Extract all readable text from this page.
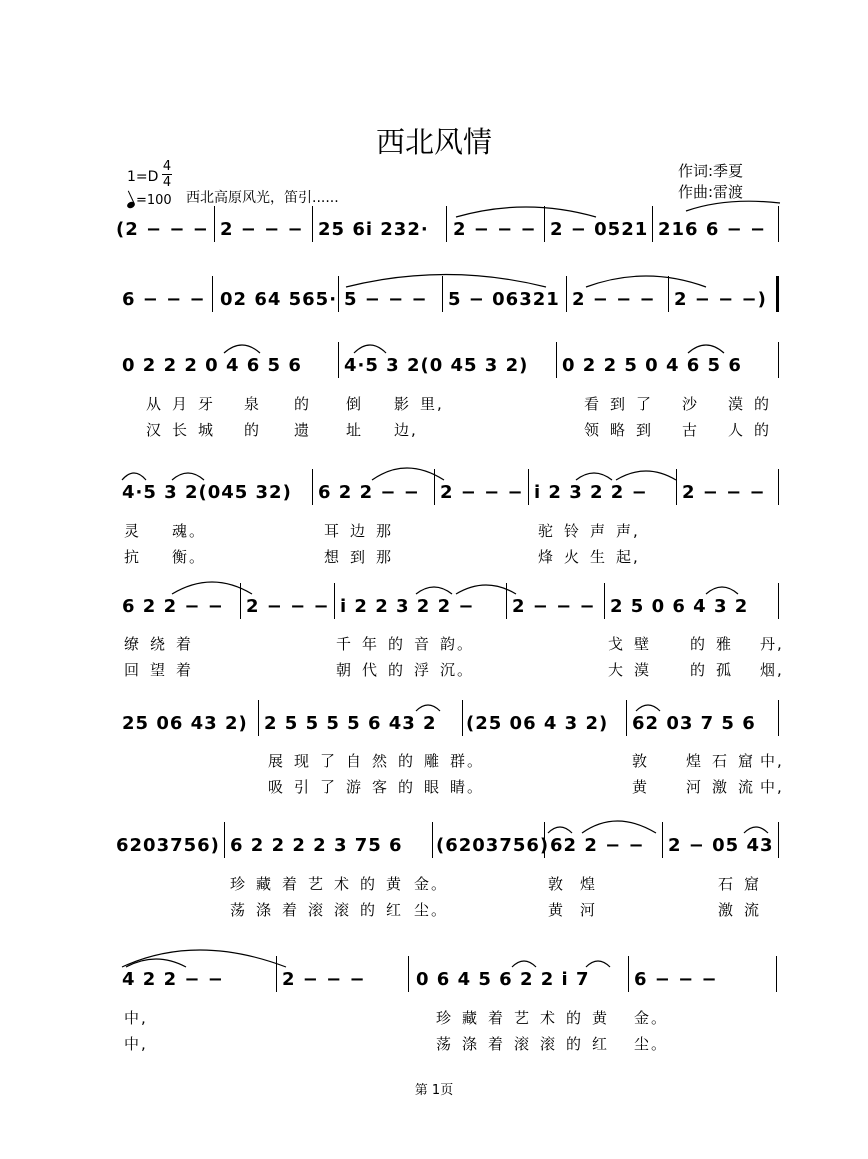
西北风情
作词:季夏
作曲:雷渡
1=D
4
4
=100 西北高原风光，笛引......
(2 − − − 2 − − − 25 6i 232·	2 − − − 2 − 0521 216 6 − −
6 − − − 02 64 565· 5 − − −	5 − 06321 2 − − −	2 − − −)
0 2 2 2 0 4 6 5 6	4·5 3 2(0 45 3 2)	0 2 2 5 0 4 6 5 6
从 月 牙 泉 的 倒 影 里,	看 到 了 沙 漠 的
汉 长 城 的 遗 址 边,	领 略 到 古 人 的
4·5 3 2(045 32)	6 2 2 − −	2 − − − i 2 3 2 2 −	2 − − −
灵 魂。	耳 边 那	驼 铃 声 声,
抗 衡。	想 到 那	烽 火 生 起,
6 2 2 − −	2 − − − i 2 2 3 2 2 −	2 − − − 2 5 0 6 4 3 2
缭 绕 着	千 年 的 音 韵。	戈 壁	的 雅 丹,
回 望 着	朝 代 的 浮 沉。	大 漠	的 孤 烟,
25 06 43 2) 2 5 5 5 5 6 43 2	(25 06 4 3 2)	62 03 7 5 6
展 现 了 自 然 的 雕 群。	敦 煌 石 窟 中,
吸 引 了 游 客 的 眼 睛。	黄 河 激 流 中,
6203756) 6 2 2 2 2 3 75 6	(6203756) 62 2 − −	2 − 05 43
珍 藏 着 艺 术 的 黄 金。	敦 煌	石 窟
荡 涤 着 滚 滚 的 红 尘。	黄 河	激 流
4 2 2 − −	2 − − −	0 6 4 5 6 2 2 i 7	6 − − −
中,	珍 藏 着 艺 术 的 黄 金。
中,	荡 涤 着 滚 滚 的 红 尘。
第 1页
